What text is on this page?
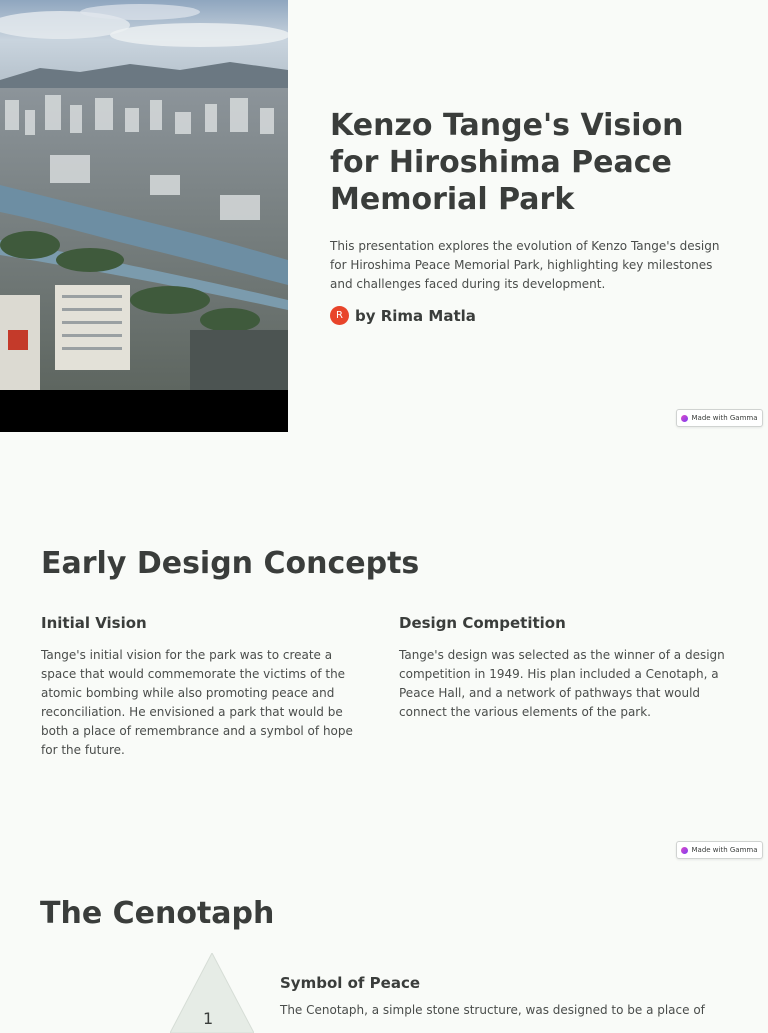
Kenzo Tange's Vision for Hiroshima Peace Memorial Park

This presentation explores the evolution of Kenzo Tange's design for Hiroshima Peace Memorial Park, highlighting key milestones and challenges faced during its development.

R by Rima Matla
Made with Gamma
Early Design Concepts
Initial Vision

Tange's initial vision for the park was to create a space that would commemorate the victims of the atomic bombing while also promoting peace and reconciliation. He envisioned a park that would be both a place of remembrance and a symbol of hope for the future.

Design Competition

Tange's design was selected as the winner of a design competition in 1949. His plan included a Cenotaph, a Peace Hall, and a network of pathways that would connect the various elements of the park.

Made with Gamma
The Cenotaph
1
Symbol of Peace

The Cenotaph, a simple stone structure, was designed to be a place of
